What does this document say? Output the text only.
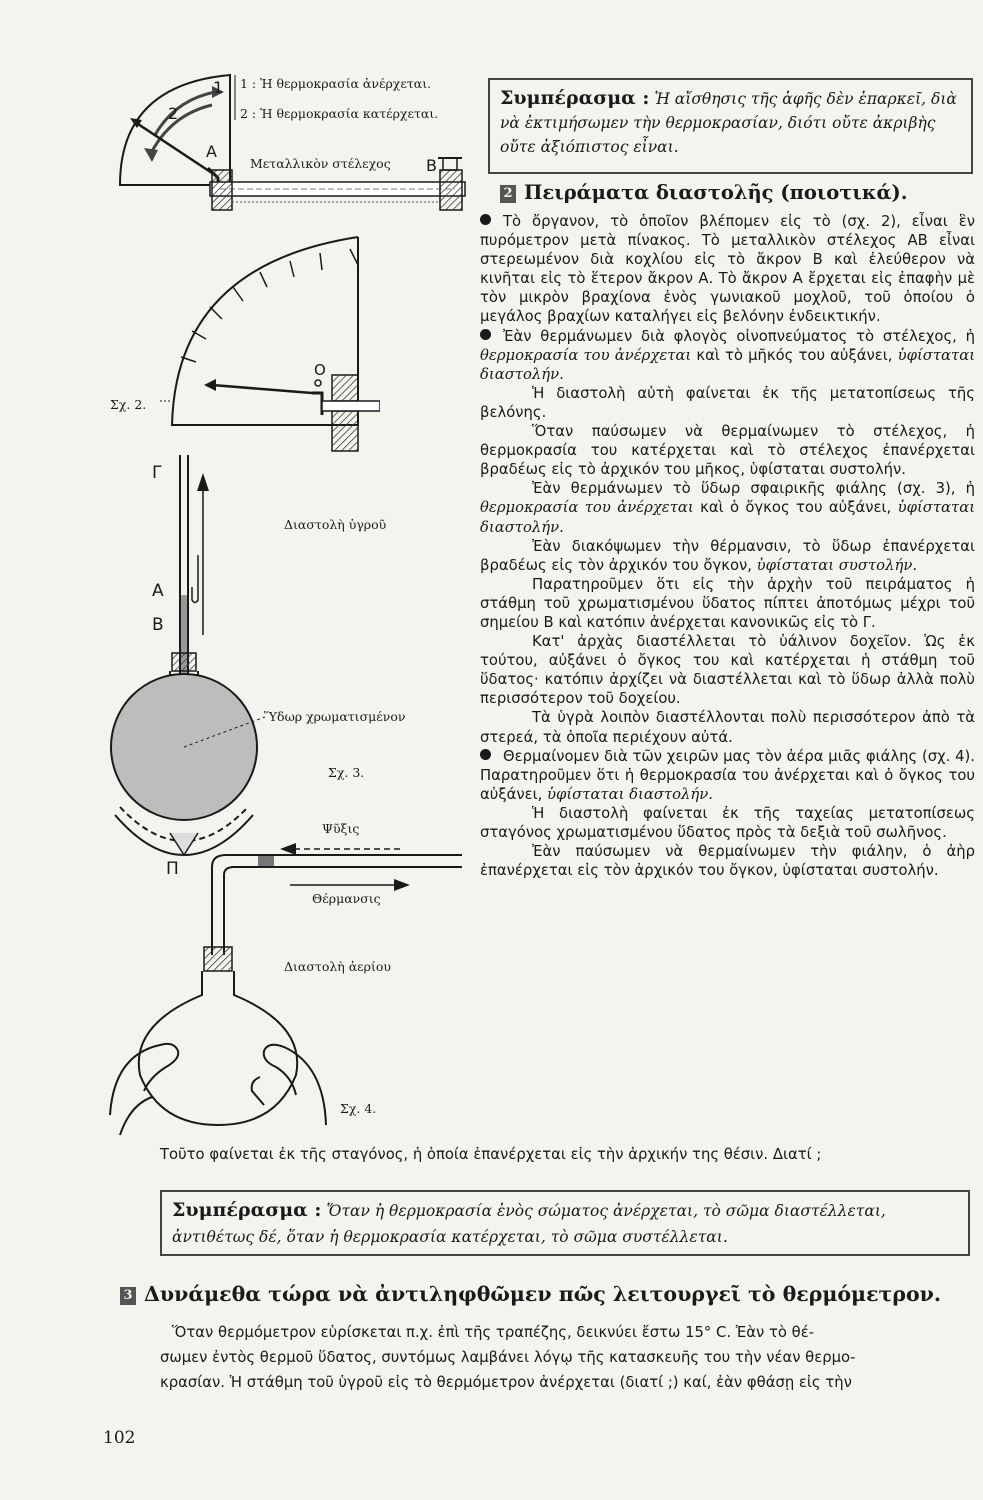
1
2
A
B
1 : Ἡ θερμοκρασία ἀνέρχεται.
2 : Ἡ θερμοκρασία κατέρχεται.
Μεταλλικὸν στέλεχος
Συμπέρασμα : Ἡ αἴσθησις τῆς ἁφῆς δὲν ἐπαρκεῖ, διὰ νὰ ἐκτιμήσωμεν τὴν θερμοκρασίαν, διότι οὔτε ἀκριβὴς οὔτε ἀξιόπιστος εἶναι.
2 Πειράματα διαστολῆς (ποιοτικά).
O
Σχ. 2.
Γ
A
B
Διαστολὴ ὑγροῦ
Ὕδωρ χρωματισμένον
Σχ. 3.
Π
Ψῦξις
Θέρμανσις
Διαστολὴ ἀερίου
Σχ. 4.

Τὸ ὄργανον, τὸ ὁποῖον βλέπομεν εἰς τὸ (σχ. 2), εἶναι ἓν πυρόμετρον μετὰ πίνακος. Τὸ μεταλλικὸν στέλεχος ΑΒ εἶναι στερεωμένον διὰ κοχλίου εἰς τὸ ἄκρον Β καὶ ἐλεύθερον νὰ κινῆται εἰς τὸ ἕτερον ἄκρον Α. Τὸ ἄκρον Α ἔρχεται εἰς ἐπαφὴν μὲ τὸν μικρὸν βραχίονα ἑνὸς γωνιακοῦ μοχλοῦ, τοῦ ὁποίου ὁ μεγάλος βραχίων καταλήγει εἰς βελόνην ἐνδεικτικήν.

Ἐὰν θερμάνωμεν διὰ φλογὸς οἰνοπνεύματος τὸ στέλεχος, ἡ θερμοκρασία του ἀνέρχεται καὶ τὸ μῆκός του αὐξάνει, ὑφίσταται διαστολήν.

Ἡ διαστολὴ αὐτὴ φαίνεται ἐκ τῆς μετατοπίσεως τῆς βελόνης.

Ὅταν παύσωμεν νὰ θερμαίνωμεν τὸ στέλεχος, ἡ θερμοκρασία του κατέρχεται καὶ τὸ στέλεχος ἐπανέρχεται βραδέως εἰς τὸ ἀρχικόν του μῆκος, ὑφίσταται συστολήν.

Ἐὰν θερμάνωμεν τὸ ὕδωρ σφαιρικῆς φιάλης (σχ. 3), ἡ θερμοκρασία του ἀνέρχεται καὶ ὁ ὄγκος του αὐξάνει, ὑφίσταται διαστολήν.

Ἐὰν διακόψωμεν τὴν θέρμανσιν, τὸ ὕδωρ ἐπανέρχεται βραδέως εἰς τὸν ἀρχικόν του ὄγκον, ὑφίσταται συστολήν.

Παρατηροῦμεν ὅτι εἰς τὴν ἀρχὴν τοῦ πειράματος ἡ στάθμη τοῦ χρωματισμένου ὕδατος πίπτει ἀποτόμως μέχρι τοῦ σημείου Β καὶ κατόπιν ἀνέρχεται κανονικῶς εἰς τὸ Γ.

Κατ' ἀρχὰς διαστέλλεται τὸ ὑάλινον δοχεῖον. Ὡς ἐκ τούτου, αὐξάνει ὁ ὄγκος του καὶ κατέρχεται ἡ στάθμη τοῦ ὕδατος· κατόπιν ἀρχίζει νὰ διαστέλλεται καὶ τὸ ὕδωρ ἀλλὰ πολὺ περισσότερον τοῦ δοχείου.

Τὰ ὑγρὰ λοιπὸν διαστέλλονται πολὺ περισσότερον ἀπὸ τὰ στερεά, τὰ ὁποῖα περιέχουν αὐτά.

Θερμαίνομεν διὰ τῶν χειρῶν μας τὸν ἀέρα μιᾶς φιάλης (σχ. 4). Παρατηροῦμεν ὅτι ἡ θερμοκρασία του ἀνέρχεται καὶ ὁ ὄγκος του αὐξάνει, ὑφίσταται διαστολήν.

Ἡ διαστολὴ φαίνεται ἐκ τῆς ταχείας μετατοπίσεως σταγόνος χρωματισμένου ὕδατος πρὸς τὰ δεξιὰ τοῦ σωλῆνος.

Ἐὰν παύσωμεν νὰ θερμαίνωμεν τὴν φιάλην, ὁ ἀὴρ ἐπανέρχεται εἰς τὸν ἀρχικόν του ὄγκον, ὑφίσταται συστολήν.

Τοῦτο φαίνεται ἐκ τῆς σταγόνος, ἡ ὁποία ἐπανέρχεται εἰς τὴν ἀρχικήν της θέσιν. Διατί ;
Συμπέρασμα : Ὅταν ἡ θερμοκρασία ἑνὸς σώματος ἀνέρχεται, τὸ σῶμα διαστέλλεται, ἀντιθέτως δέ, ὅταν ἡ θερμοκρασία κατέρχεται, τὸ σῶμα συστέλλεται.
3 Δυνάμεθα τώρα νὰ ἀντιληφθῶμεν πῶς λειτουργεῖ τὸ θερμόμετρον.
Ὅταν θερμόμετρον εὑρίσκεται π.χ. ἐπὶ τῆς τραπέζης, δεικνύει ἔστω 15° C. Ἐὰν τὸ θέ-
σωμεν ἐντὸς θερμοῦ ὕδατος, συντόμως λαμβάνει λόγῳ τῆς κατασκευῆς του τὴν νέαν θερμο-
κρασίαν. Ἡ στάθμη τοῦ ὑγροῦ εἰς τὸ θερμόμετρον ἀνέρχεται (διατί ;) καί, ἐὰν φθάσῃ εἰς τὴν
102
